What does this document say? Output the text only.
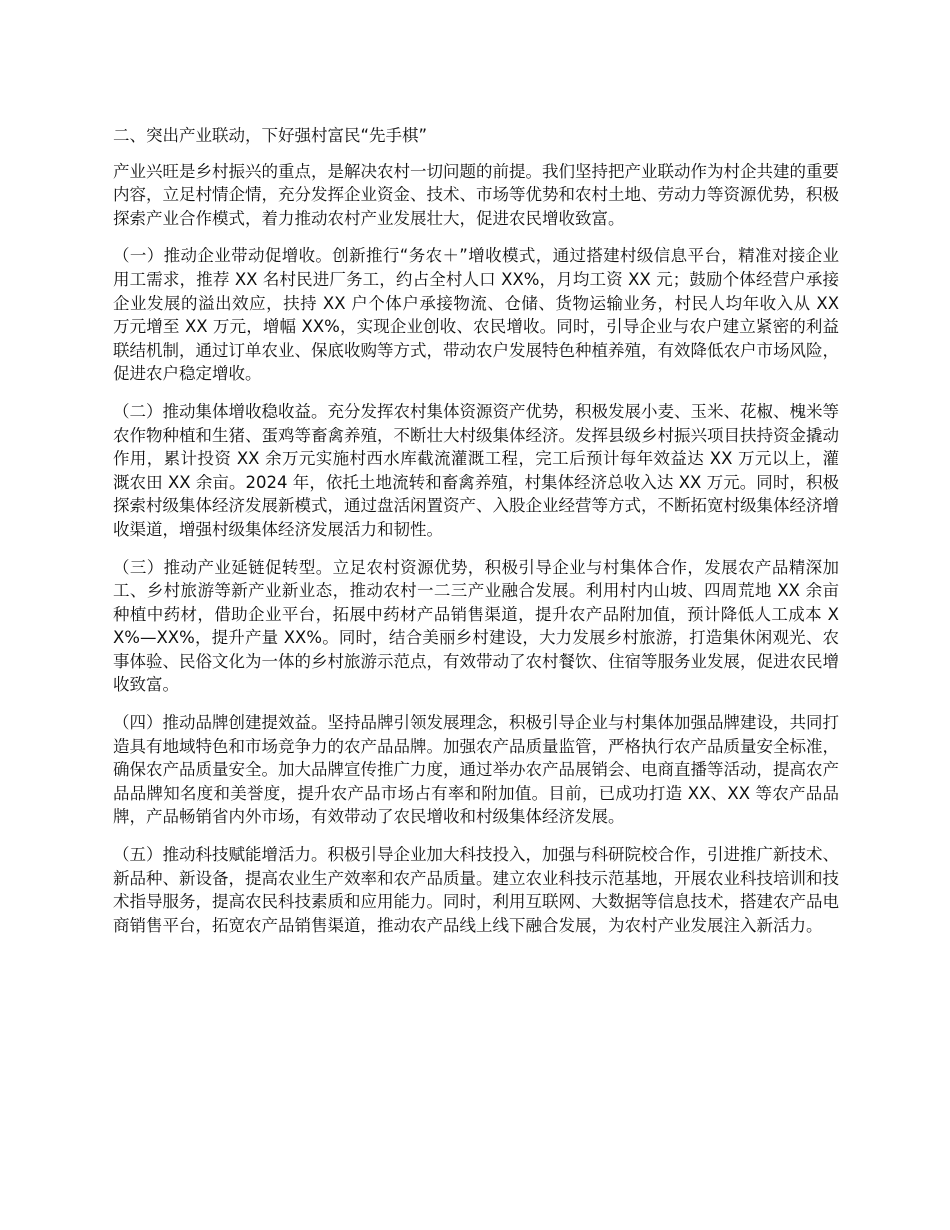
二、突出产业联动，下好强村富民“先手棋”

产业兴旺是乡村振兴的重点，是解决农村一切问题的前提。我们坚持把产业联动作为村企共建的重要内容，立足村情企情，充分发挥企业资金、技术、市场等优势和农村土地、劳动力等资源优势，积极探索产业合作模式，着力推动农村产业发展壮大，促进农民增收致富。

（一）推动企业带动促增收。创新推行“务农＋”增收模式，通过搭建村级信息平台，精准对接企业用工需求，推荐 XX 名村民进厂务工，约占全村人口 XX%，月均工资 XX 元；鼓励个体经营户承接企业发展的溢出效应，扶持 XX 户个体户承接物流、仓储、货物运输业务，村民人均年收入从 XX 万元增至 XX 万元，增幅 XX%，实现企业创收、农民增收。同时，引导企业与农户建立紧密的利益联结机制，通过订单农业、保底收购等方式，带动农户发展特色种植养殖，有效降低农户市场风险，促进农户稳定增收。

（二）推动集体增收稳收益。充分发挥农村集体资源资产优势，积极发展小麦、玉米、花椒、槐米等农作物种植和生猪、蛋鸡等畜禽养殖，不断壮大村级集体经济。发挥县级乡村振兴项目扶持资金撬动作用，累计投资 XX 余万元实施村西水库截流灌溉工程，完工后预计每年效益达 XX 万元以上，灌溉农田 XX 余亩。2024 年，依托土地流转和畜禽养殖，村集体经济总收入达 XX 万元。同时，积极探索村级集体经济发展新模式，通过盘活闲置资产、入股企业经营等方式，不断拓宽村级集体经济增收渠道，增强村级集体经济发展活力和韧性。

（三）推动产业延链促转型。立足农村资源优势，积极引导企业与村集体合作，发展农产品精深加工、乡村旅游等新产业新业态，推动农村一二三产业融合发展。利用村内山坡、四周荒地 XX 余亩种植中药材，借助企业平台，拓展中药材产品销售渠道，提升农产品附加值，预计降低人工成本 XX%—XX%，提升产量 XX%。同时，结合美丽乡村建设，大力发展乡村旅游，打造集休闲观光、农事体验、民俗文化为一体的乡村旅游示范点，有效带动了农村餐饮、住宿等服务业发展，促进农民增收致富。

（四）推动品牌创建提效益。坚持品牌引领发展理念，积极引导企业与村集体加强品牌建设，共同打造具有地域特色和市场竞争力的农产品品牌。加强农产品质量监管，严格执行农产品质量安全标准，确保农产品质量安全。加大品牌宣传推广力度，通过举办农产品展销会、电商直播等活动，提高农产品品牌知名度和美誉度，提升农产品市场占有率和附加值。目前，已成功打造 XX、XX 等农产品品牌，产品畅销省内外市场，有效带动了农民增收和村级集体经济发展。

（五）推动科技赋能增活力。积极引导企业加大科技投入，加强与科研院校合作，引进推广新技术、新品种、新设备，提高农业生产效率和农产品质量。建立农业科技示范基地，开展农业科技培训和技术指导服务，提高农民科技素质和应用能力。同时，利用互联网、大数据等信息技术，搭建农产品电商销售平台，拓宽农产品销售渠道，推动农产品线上线下融合发展，为农村产业发展注入新活力。
